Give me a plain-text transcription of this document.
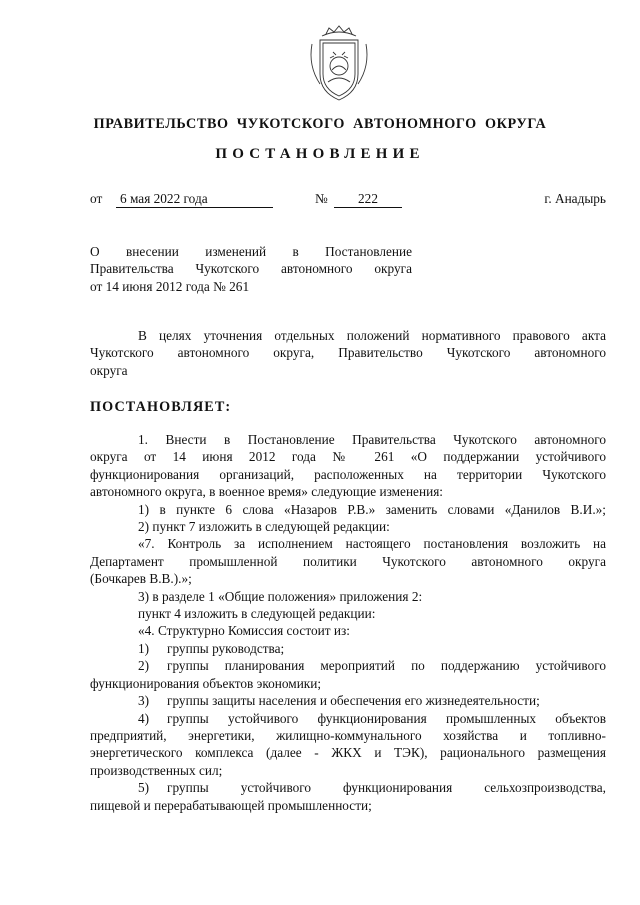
ПРАВИТЕЛЬСТВО ЧУКОТСКОГО АВТОНОМНОГО ОКРУГА
ПОСТАНОВЛЕНИЕ
от	6 мая 2022 года	№	222	г. Анадырь
О внесении изменений в Постановление
Правительства Чукотского автономного округа
от 14 июня 2012 года № 261
В целях уточнения отдельных положений нормативного правового акта
Чукотского автономного округа, Правительство Чукотского автономного
округа
ПОСТАНОВЛЯЕТ:
1. Внести в Постановление Правительства Чукотского автономного
округа от 14 июня 2012 года № 261 «О поддержании устойчивого
функционирования организаций, расположенных на территории Чукотского
автономного округа, в военное время» следующие изменения:
1) в пункте 6 слова «Назаров Р.В.» заменить словами «Данилов В.И.»;
2) пункт 7 изложить в следующей редакции:
«7. Контроль за исполнением настоящего постановления возложить на
Департамент промышленной политики Чукотского автономного округа
(Бочкарев В.В.).»;
3) в разделе 1 «Общие положения» приложения 2:
пункт 4 изложить в следующей редакции:
«4. Структурно Комиссия состоит из:
1) группы руководства;
2)	группы планирования мероприятий по поддержанию устойчивого
функционирования объектов экономики;
3) группы защиты населения и обеспечения его жизнедеятельности;
4)	группы устойчивого функционирования промышленных объектов
предприятий, энергетики, жилищно-коммунального хозяйства и топливно-
энергетического комплекса (далее - ЖКХ и ТЭК), рационального размещения
производственных сил;
5)	группы устойчивого функционирования сельхозпроизводства,
пищевой и перерабатывающей промышленности;
